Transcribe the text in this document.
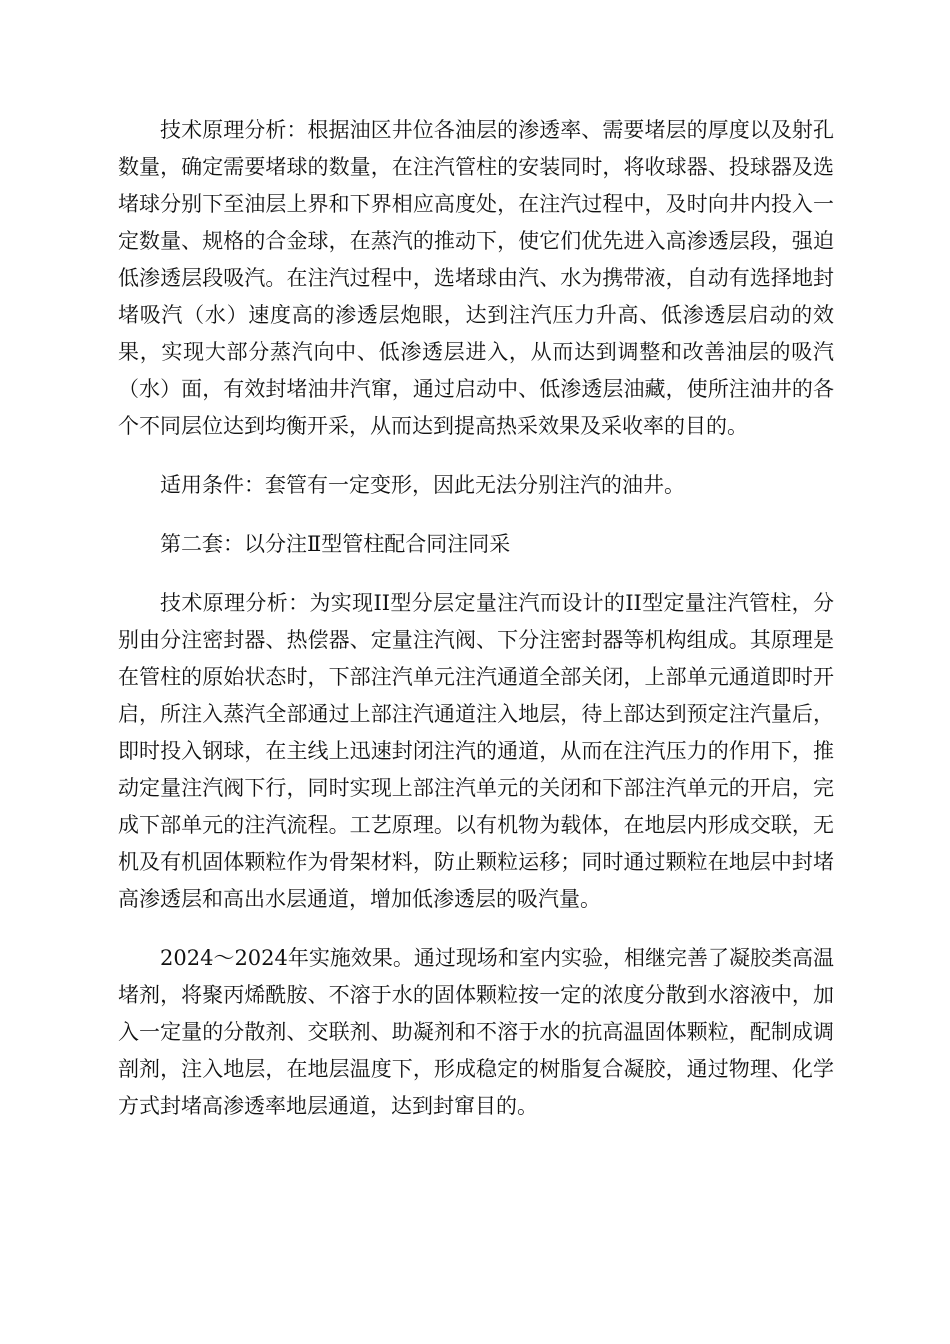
技术原理分析：根据油区井位各油层的渗透率、需要堵层的厚度以及射孔数量，确定需要堵球的数量，在注汽管柱的安装同时，将收球器、投球器及选堵球分别下至油层上界和下界相应高度处，在注汽过程中，及时向井内投入一定数量、规格的合金球，在蒸汽的推动下，使它们优先进入高渗透层段，强迫低渗透层段吸汽。在注汽过程中，选堵球由汽、水为携带液，自动有选择地封堵吸汽（水）速度高的渗透层炮眼，达到注汽压力升高、低渗透层启动的效果，实现大部分蒸汽向中、低渗透层进入，从而达到调整和改善油层的吸汽（水）面，有效封堵油井汽窜，通过启动中、低渗透层油藏，使所注油井的各个不同层位达到均衡开采，从而达到提高热采效果及采收率的目的。

适用条件：套管有一定变形，因此无法分别注汽的油井。

第二套：以分注Ⅱ型管柱配合同注同采

技术原理分析：为实现II型分层定量注汽而设计的II型定量注汽管柱，分别由分注密封器、热偿器、定量注汽阀、下分注密封器等机构组成。其原理是在管柱的原始状态时，下部注汽单元注汽通道全部关闭，上部单元通道即时开启，所注入蒸汽全部通过上部注汽通道注入地层，待上部达到预定注汽量后，即时投入钢球，在主线上迅速封闭注汽的通道，从而在注汽压力的作用下，推动定量注汽阀下行，同时实现上部注汽单元的关闭和下部注汽单元的开启，完成下部单元的注汽流程。工艺原理。以有机物为载体，在地层内形成交联，无机及有机固体颗粒作为骨架材料，防止颗粒运移；同时通过颗粒在地层中封堵高渗透层和高出水层通道，增加低渗透层的吸汽量。

2024～2024年实施效果。通过现场和室内实验，相继完善了凝胶类高温堵剂，将聚丙烯酰胺、不溶于水的固体颗粒按一定的浓度分散到水溶液中，加入一定量的分散剂、交联剂、助凝剂和不溶于水的抗高温固体颗粒，配制成调剖剂，注入地层，在地层温度下，形成稳定的树脂复合凝胶，通过物理、化学方式封堵高渗透率地层通道，达到封窜目的。
